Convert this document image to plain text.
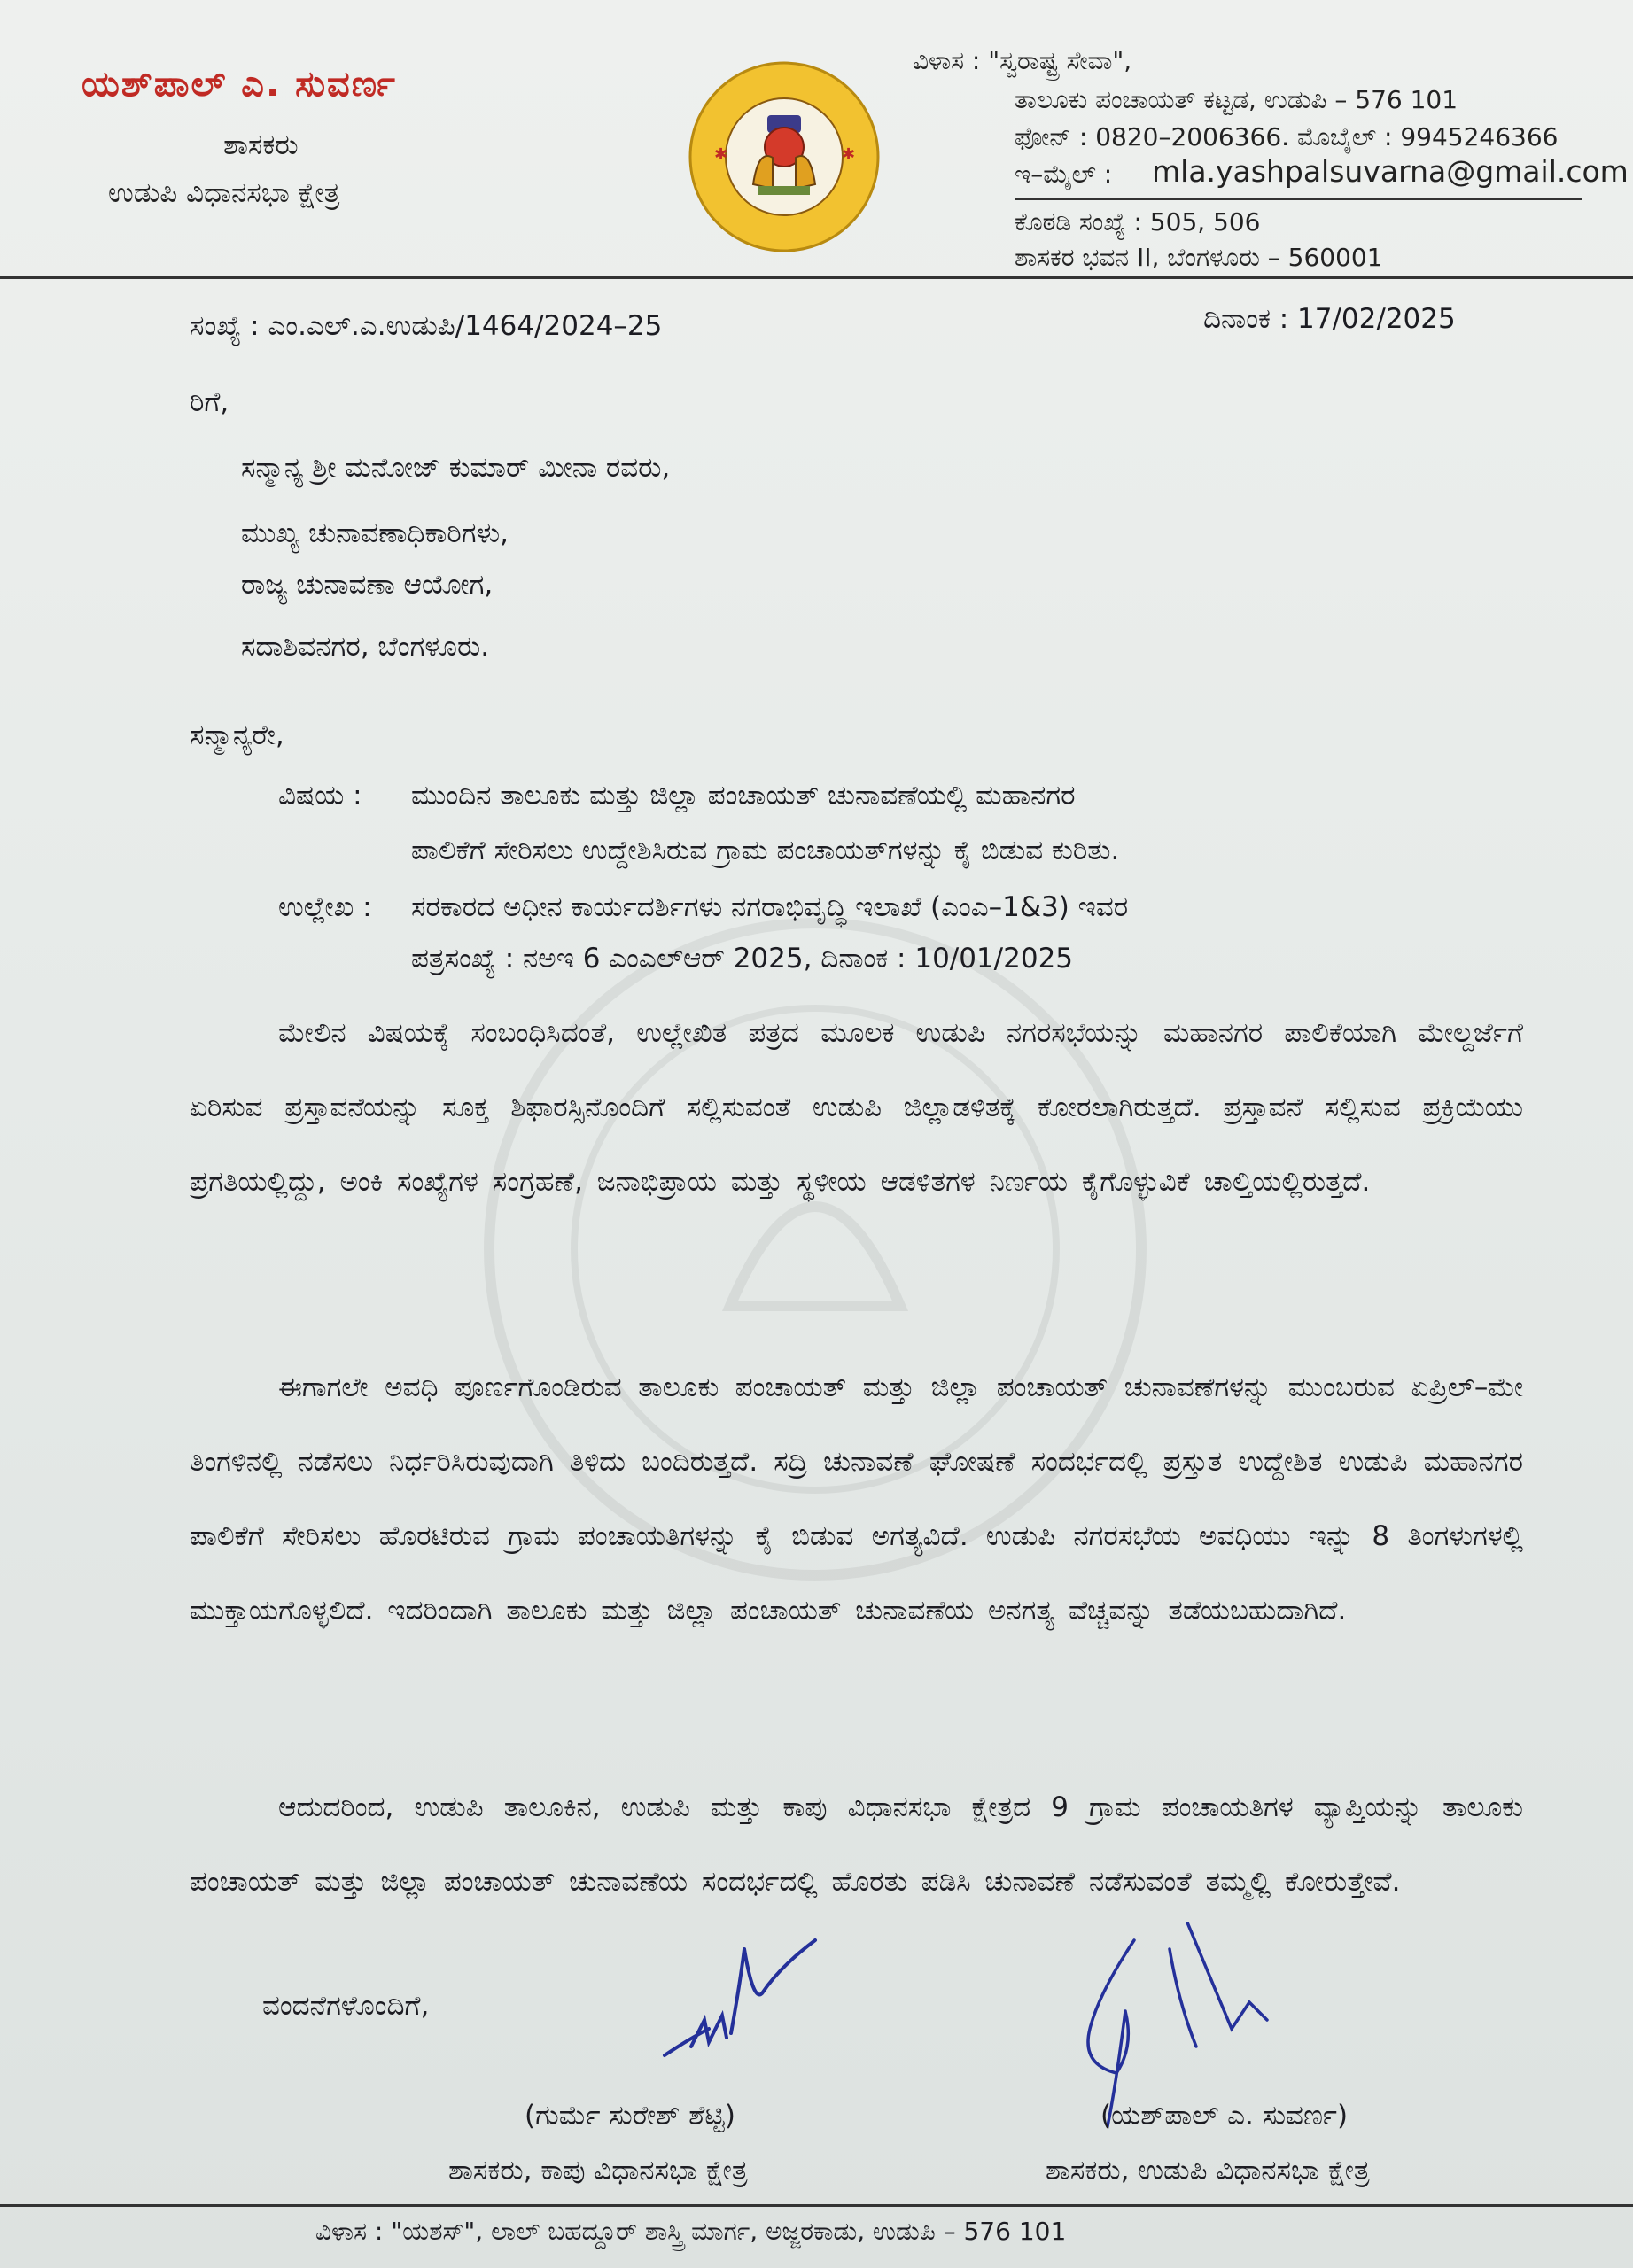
ಯಶ್‌ಪಾಲ್ ಎ. ಸುವರ್ಣ
ಶಾಸಕರು
ಉಡುಪಿ ವಿಧಾನಸಭಾ ಕ್ಷೇತ್ರ
✱	✱
ವಿಳಾಸ : "ಸ್ವರಾಷ್ಟ್ರ ಸೇವಾ",
ತಾಲೂಕು ಪಂಚಾಯತ್ ಕಟ್ಟಡ, ಉಡುಪಿ – 576 101
ಫೋನ್ : 0820–2006366. ಮೊಬೈಲ್ : 9945246366
ಇ–ಮೈಲ್ : mla.yashpalsuvarna@gmail.com
ಕೊಠಡಿ ಸಂಖ್ಯೆ : 505, 506
ಶಾಸಕರ ಭವನ II, ಬೆಂಗಳೂರು – 560001
ಸಂಖ್ಯೆ : ಎಂ.ಎಲ್.ಎ.ಉಡುಪಿ/1464/2024–25	ದಿನಾಂಕ : 17/02/2025
ರಿಗೆ,
ಸನ್ಮಾನ್ಯ ಶ್ರೀ ಮನೋಜ್ ಕುಮಾರ್ ಮೀನಾ ರವರು,
ಮುಖ್ಯ ಚುನಾವಣಾಧಿಕಾರಿಗಳು,
ರಾಜ್ಯ ಚುನಾವಣಾ ಆಯೋಗ,
ಸದಾಶಿವನಗರ, ಬೆಂಗಳೂರು.
ಸನ್ಮಾನ್ಯರೇ,
ವಿಷಯ : ಮುಂದಿನ ತಾಲೂಕು ಮತ್ತು ಜಿಲ್ಲಾ ಪಂಚಾಯತ್ ಚುನಾವಣೆಯಲ್ಲಿ ಮಹಾನಗರ
ಪಾಲಿಕೆಗೆ ಸೇರಿಸಲು ಉದ್ದೇಶಿಸಿರುವ ಗ್ರಾಮ ಪಂಚಾಯತ್‌ಗಳನ್ನು ಕೈ ಬಿಡುವ ಕುರಿತು.
ಉಲ್ಲೇಖ : ಸರಕಾರದ ಅಧೀನ ಕಾರ್ಯದರ್ಶಿಗಳು ನಗರಾಭಿವೃದ್ಧಿ ಇಲಾಖೆ (ಎಂಎ–1&3) ಇವರ
ಪತ್ರಸಂಖ್ಯೆ : ನಅಇ 6 ಎಂಎಲ್ಆರ್ 2025, ದಿನಾಂಕ : 10/01/2025
ಮೇಲಿನ ವಿಷಯಕ್ಕೆ ಸಂಬಂಧಿಸಿದಂತೆ, ಉಲ್ಲೇಖಿತ ಪತ್ರದ ಮೂಲಕ ಉಡುಪಿ ನಗರಸಭೆಯನ್ನು ಮಹಾನಗರ ಪಾಲಿಕೆಯಾಗಿ ಮೇಲ್ದರ್ಜೆಗೆ ಏರಿಸುವ ಪ್ರಸ್ತಾವನೆಯನ್ನು ಸೂಕ್ತ ಶಿಫಾರಸ್ಸಿನೊಂದಿಗೆ ಸಲ್ಲಿಸುವಂತೆ ಉಡುಪಿ ಜಿಲ್ಲಾಡಳಿತಕ್ಕೆ ಕೋರಲಾಗಿರುತ್ತದೆ. ಪ್ರಸ್ತಾವನೆ ಸಲ್ಲಿಸುವ ಪ್ರಕ್ರಿಯೆಯು ಪ್ರಗತಿಯಲ್ಲಿದ್ದು, ಅಂಕಿ ಸಂಖ್ಯೆಗಳ ಸಂಗ್ರಹಣೆ, ಜನಾಭಿಪ್ರಾಯ ಮತ್ತು ಸ್ಥಳೀಯ ಆಡಳಿತಗಳ ನಿರ್ಣಯ ಕೈಗೊಳ್ಳುವಿಕೆ ಚಾಲ್ತಿಯಲ್ಲಿರುತ್ತದೆ.
ಈಗಾಗಲೇ ಅವಧಿ ಪೂರ್ಣಗೊಂಡಿರುವ ತಾಲೂಕು ಪಂಚಾಯತ್ ಮತ್ತು ಜಿಲ್ಲಾ ಪಂಚಾಯತ್ ಚುನಾವಣೆಗಳನ್ನು ಮುಂಬರುವ ಏಪ್ರಿಲ್–ಮೇ ತಿಂಗಳಿನಲ್ಲಿ ನಡೆಸಲು ನಿರ್ಧರಿಸಿರುವುದಾಗಿ ತಿಳಿದು ಬಂದಿರುತ್ತದೆ. ಸದ್ರಿ ಚುನಾವಣೆ ಘೋಷಣೆ ಸಂದರ್ಭದಲ್ಲಿ ಪ್ರಸ್ತುತ ಉದ್ದೇಶಿತ ಉಡುಪಿ ಮಹಾನಗರ ಪಾಲಿಕೆಗೆ ಸೇರಿಸಲು ಹೊರಟಿರುವ ಗ್ರಾಮ ಪಂಚಾಯತಿಗಳನ್ನು ಕೈ ಬಿಡುವ ಅಗತ್ಯವಿದೆ. ಉಡುಪಿ ನಗರಸಭೆಯ ಅವಧಿಯು ಇನ್ನು 8 ತಿಂಗಳುಗಳಲ್ಲಿ ಮುಕ್ತಾಯಗೊಳ್ಳಲಿದೆ. ಇದರಿಂದಾಗಿ ತಾಲೂಕು ಮತ್ತು ಜಿಲ್ಲಾ ಪಂಚಾಯತ್ ಚುನಾವಣೆಯ ಅನಗತ್ಯ ವೆಚ್ಚವನ್ನು ತಡೆಯಬಹುದಾಗಿದೆ.
ಆದುದರಿಂದ, ಉಡುಪಿ ತಾಲೂಕಿನ, ಉಡುಪಿ ಮತ್ತು ಕಾಪು ವಿಧಾನಸಭಾ ಕ್ಷೇತ್ರದ 9 ಗ್ರಾಮ ಪಂಚಾಯತಿಗಳ ವ್ಯಾಪ್ತಿಯನ್ನು ತಾಲೂಕು ಪಂಚಾಯತ್ ಮತ್ತು ಜಿಲ್ಲಾ ಪಂಚಾಯತ್ ಚುನಾವಣೆಯ ಸಂದರ್ಭದಲ್ಲಿ ಹೊರತು ಪಡಿಸಿ ಚುನಾವಣೆ ನಡೆಸುವಂತೆ ತಮ್ಮಲ್ಲಿ ಕೋರುತ್ತೇವೆ.
ವಂದನೆಗಳೊಂದಿಗೆ,
(ಗುರ್ಮೆ ಸುರೇಶ್ ಶೆಟ್ಟಿ)
ಶಾಸಕರು, ಕಾಪು ವಿಧಾನಸಭಾ ಕ್ಷೇತ್ರ
(ಯಶ್‌ಪಾಲ್ ಎ. ಸುವರ್ಣ)
ಶಾಸಕರು, ಉಡುಪಿ ವಿಧಾನಸಭಾ ಕ್ಷೇತ್ರ
ವಿಳಾಸ : "ಯಶಸ್", ಲಾಲ್ ಬಹದ್ದೂರ್ ಶಾಸ್ತ್ರಿ ಮಾರ್ಗ, ಅಜ್ಜರಕಾಡು, ಉಡುಪಿ – 576 101
